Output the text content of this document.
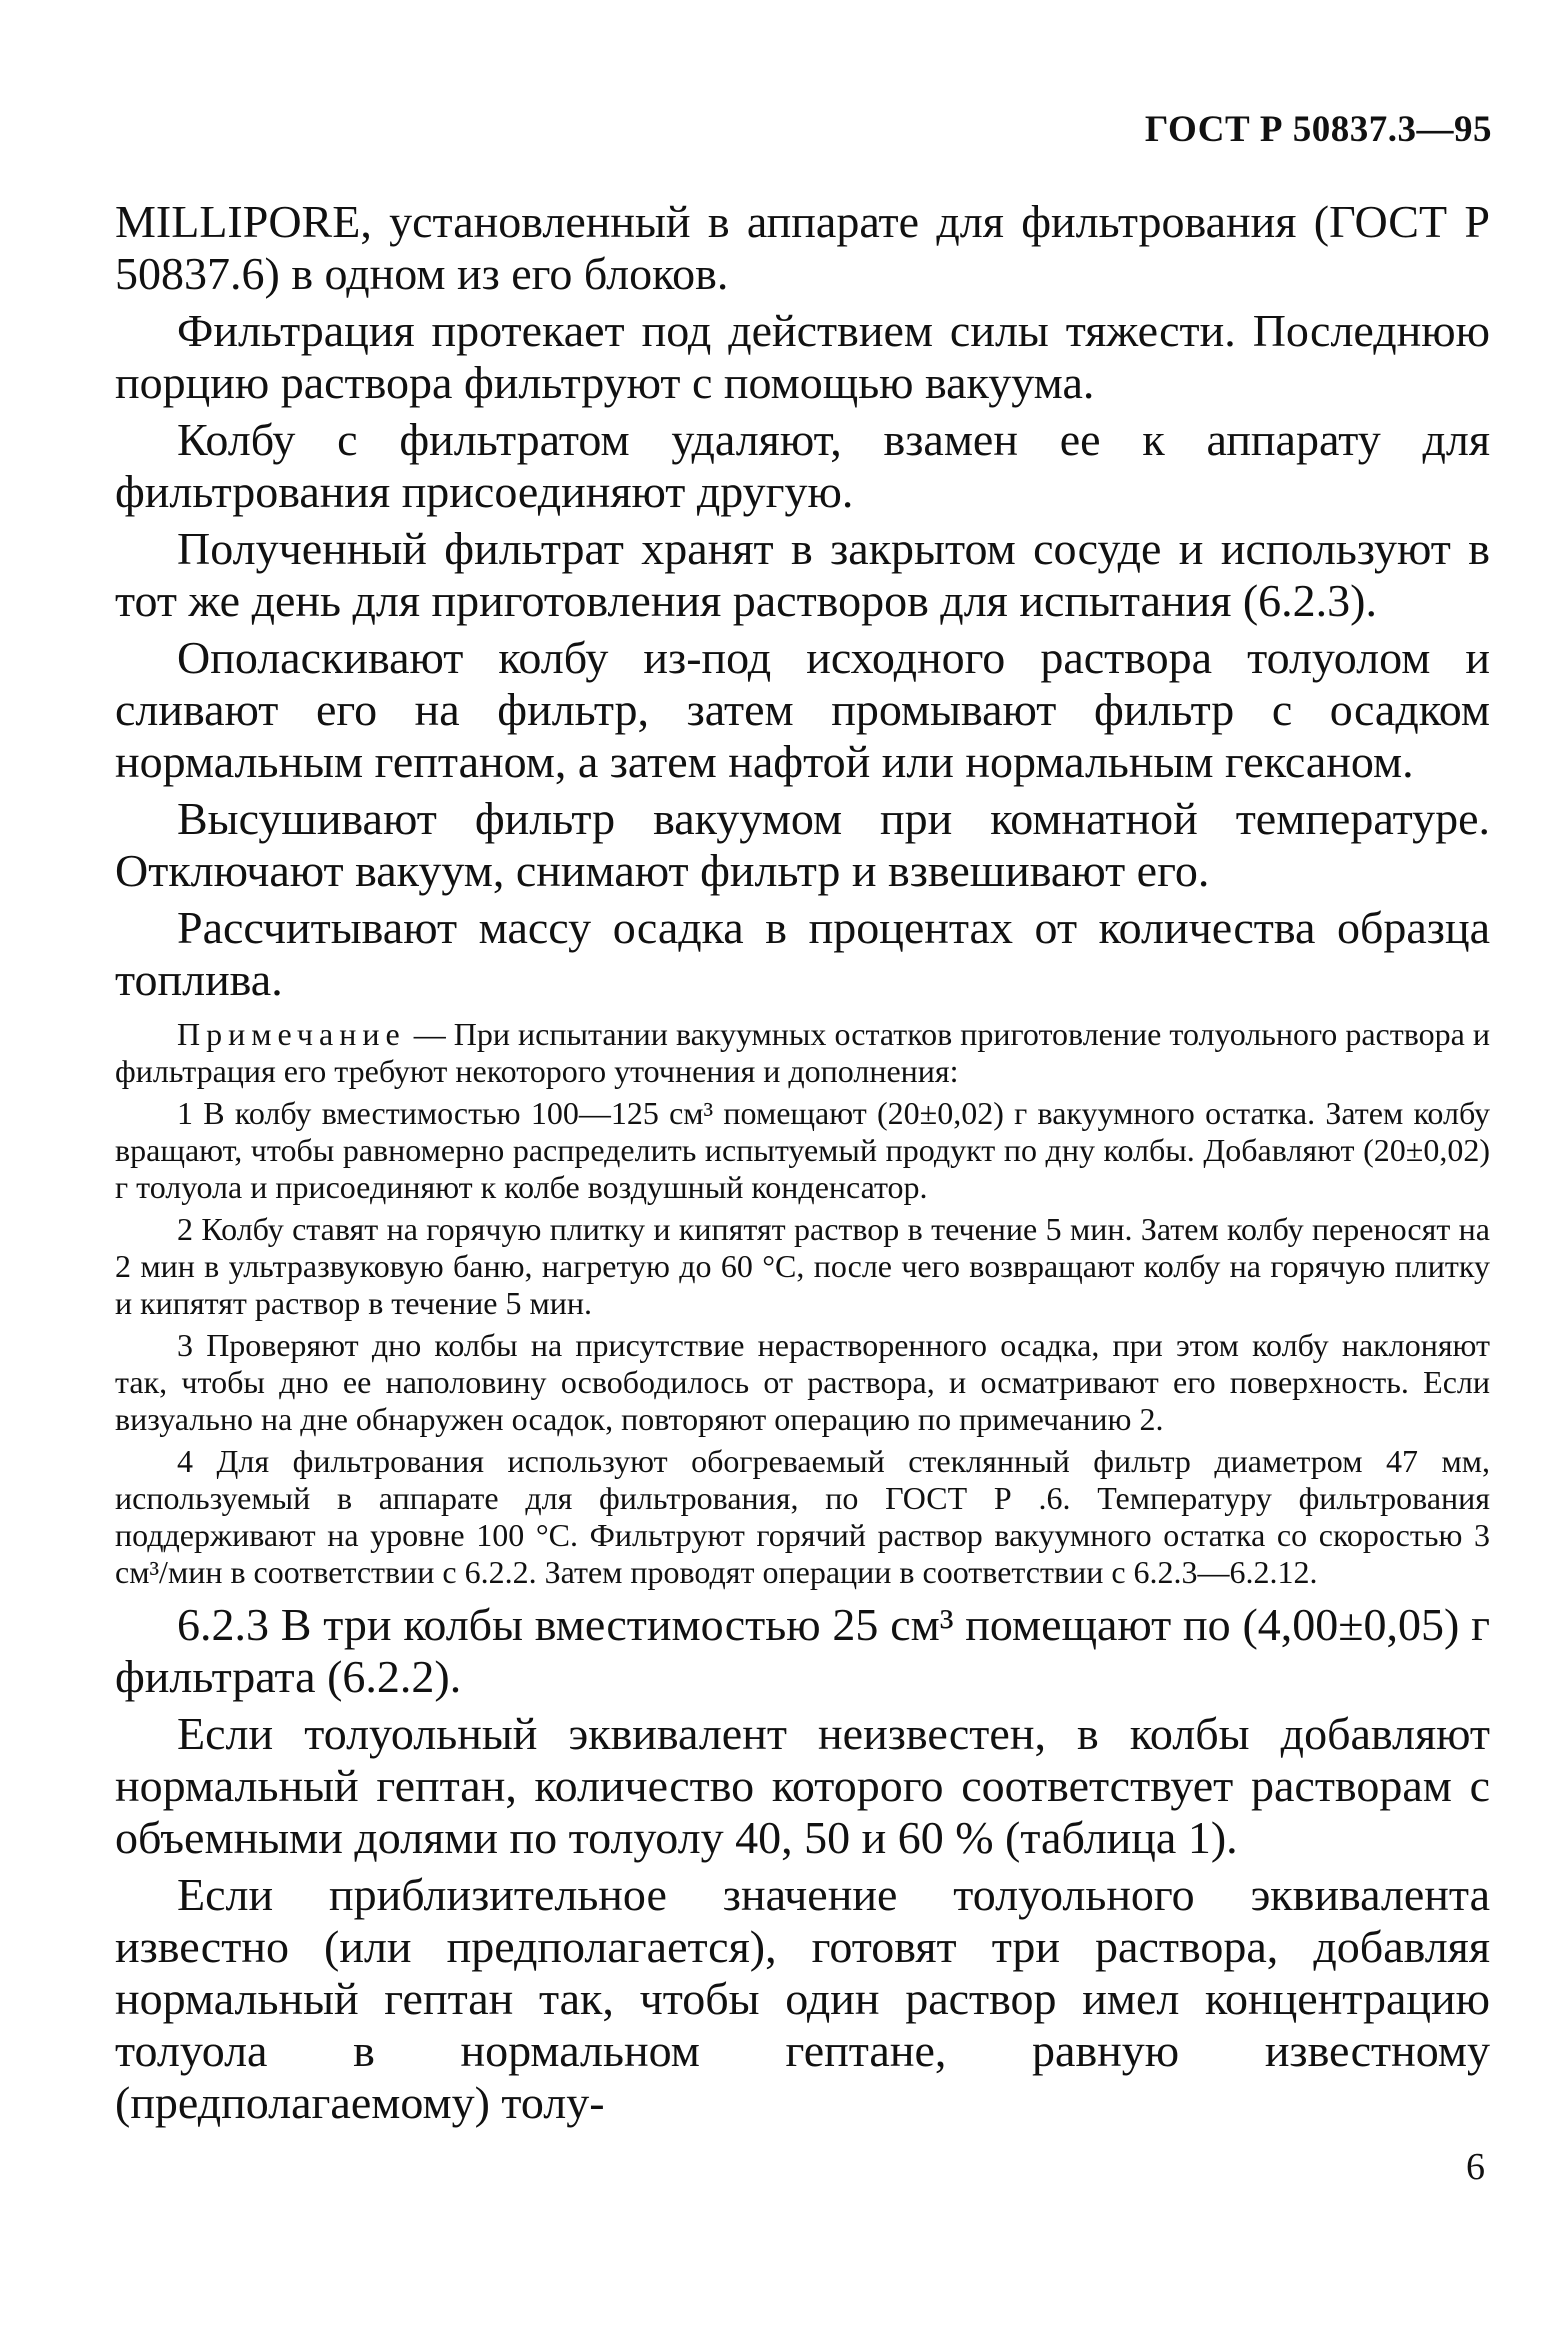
ГОСТ Р 50837.3—95

MILLIPORE, установленный в аппарате для фильтрования (ГОСТ Р 50837.6) в одном из его блоков.

Фильтрация протекает под действием силы тяжести. Последнюю порцию раствора фильтруют с помощью вакуума.

Колбу с фильтратом удаляют, взамен ее к аппарату для фильтрования присоединяют другую.

Полученный фильтрат хранят в закрытом сосуде и используют в тот же день для приготовления растворов для испытания (6.2.3).

Ополаскивают колбу из-под исходного раствора толуолом и сливают его на фильтр, затем промывают фильтр с осадком нормальным гептаном, а затем нафтой или нормальным гексаном.

Высушивают фильтр вакуумом при комнатной температуре. Отключают вакуум, снимают фильтр и взвешивают его.

Рассчитывают массу осадка в процентах от количества образца топлива.

Примечание — При испытании вакуумных остатков приготовление толуольного раствора и фильтрация его требуют некоторого уточнения и дополнения:

1 В колбу вместимостью 100—125 см³ помещают (20±0,02) г вакуумного остатка. Затем колбу вращают, чтобы равномерно распределить испытуемый продукт по дну колбы. Добавляют (20±0,02) г толуола и присоединяют к колбе воздушный конденсатор.

2 Колбу ставят на горячую плитку и кипятят раствор в течение 5 мин. Затем колбу переносят на 2 мин в ультразвуковую баню, нагретую до 60 °С, после чего возвращают колбу на горячую плитку и кипятят раствор в течение 5 мин.

3 Проверяют дно колбы на присутствие нерастворенного осадка, при этом колбу наклоняют так, чтобы дно ее наполовину освободилось от раствора, и осматривают его поверхность. Если визуально на дне обнаружен осадок, повторяют операцию по примечанию 2.

4 Для фильтрования используют обогреваемый стеклянный фильтр диаметром 47 мм, используемый в аппарате для фильтрования, по ГОСТ Р .6. Температуру фильтрования поддерживают на уровне 100 °С. Фильтруют горячий раствор вакуумного остатка со скоростью 3 см³/мин в соответствии с 6.2.2. Затем проводят операции в соответствии с 6.2.3—6.2.12.

6.2.3 В три колбы вместимостью 25 см³ помещают по (4,00±0,05) г фильтрата (6.2.2).

Если толуольный эквивалент неизвестен, в колбы добавляют нормальный гептан, количество которого соответствует растворам с объемными долями по толуолу 40, 50 и 60 % (таблица 1).

Если приблизительное значение толуольного эквивалента известно (или предполагается), готовят три раствора, добавляя нормальный гептан так, чтобы один раствор имел концентрацию толуола в нормальном гептане, равную известному (предполагаемому) толу-

6
